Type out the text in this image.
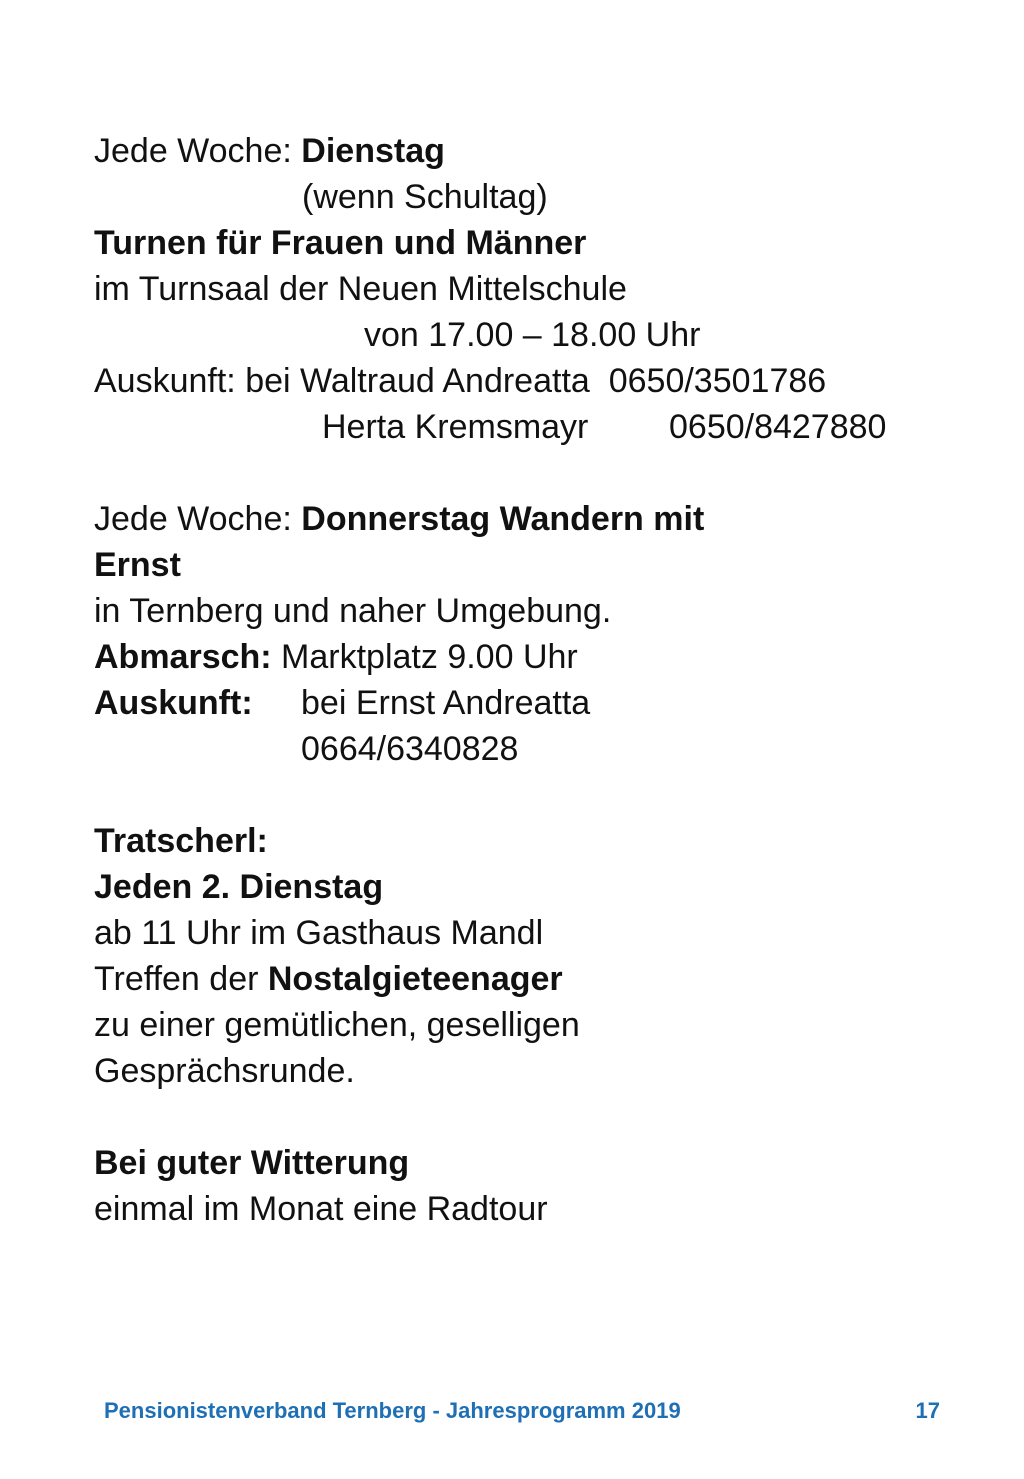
Jede Woche: Dienstag
(wenn Schultag)
Turnen für Frauen und Männer
im Turnsaal der Neuen Mittelschule
von 17.00 – 18.00 Uhr
Auskunft: bei Waltraud Andreatta 0650/3501786
Herta Kremsmayr 0650/8427880
Jede Woche: Donnerstag Wandern mit
Ernst
in Ternberg und naher Umgebung.
Abmarsch: Marktplatz 9.00 Uhr
Auskunft: bei Ernst Andreatta
0664/6340828
Tratscherl:
Jeden 2. Dienstag
ab 11 Uhr im Gasthaus Mandl
Treffen der Nostalgieteenager
zu einer gemütlichen, geselligen
Gesprächsrunde.
Bei guter Witterung
einmal im Monat eine Radtour
Pensionistenverband Ternberg - Jahresprogramm 2019	17
